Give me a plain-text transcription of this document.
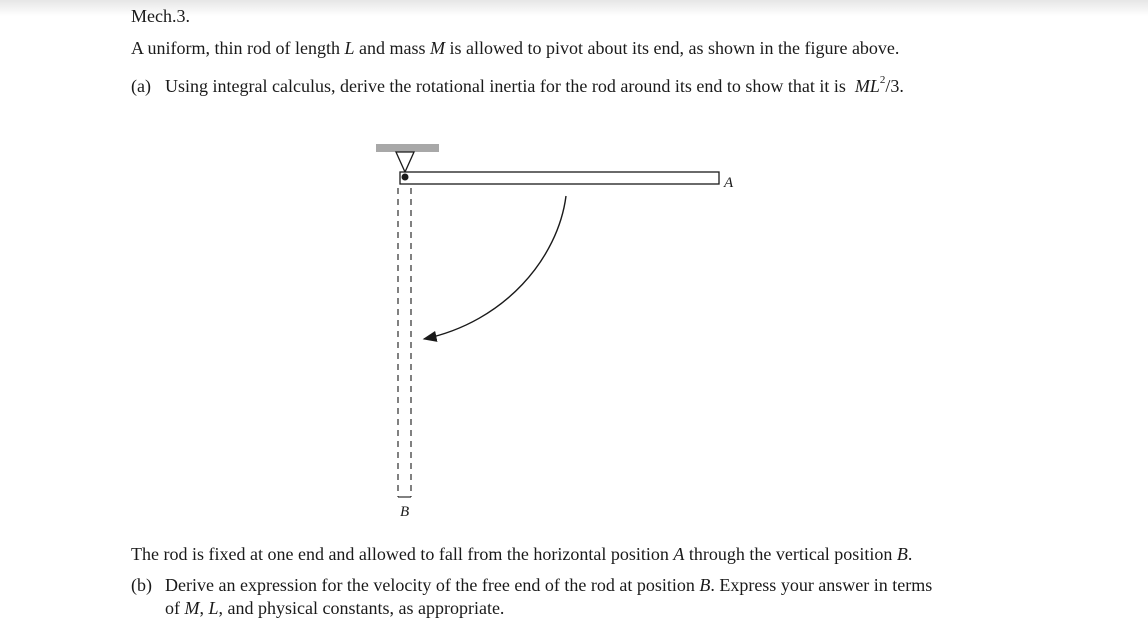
Mech.3.
A uniform, thin rod of length L and mass M is allowed to pivot about its end, as shown in the figure above.
(a) Using integral calculus, derive the rotational inertia for the rod around its end to show that it is $ML^2/3$.
A
B
The rod is fixed at one end and allowed to fall from the horizontal position A through the vertical position B.
(b) Derive an expression for the velocity of the free end of the rod at position B. Express your answer in terms
of M, L, and physical constants, as appropriate.
